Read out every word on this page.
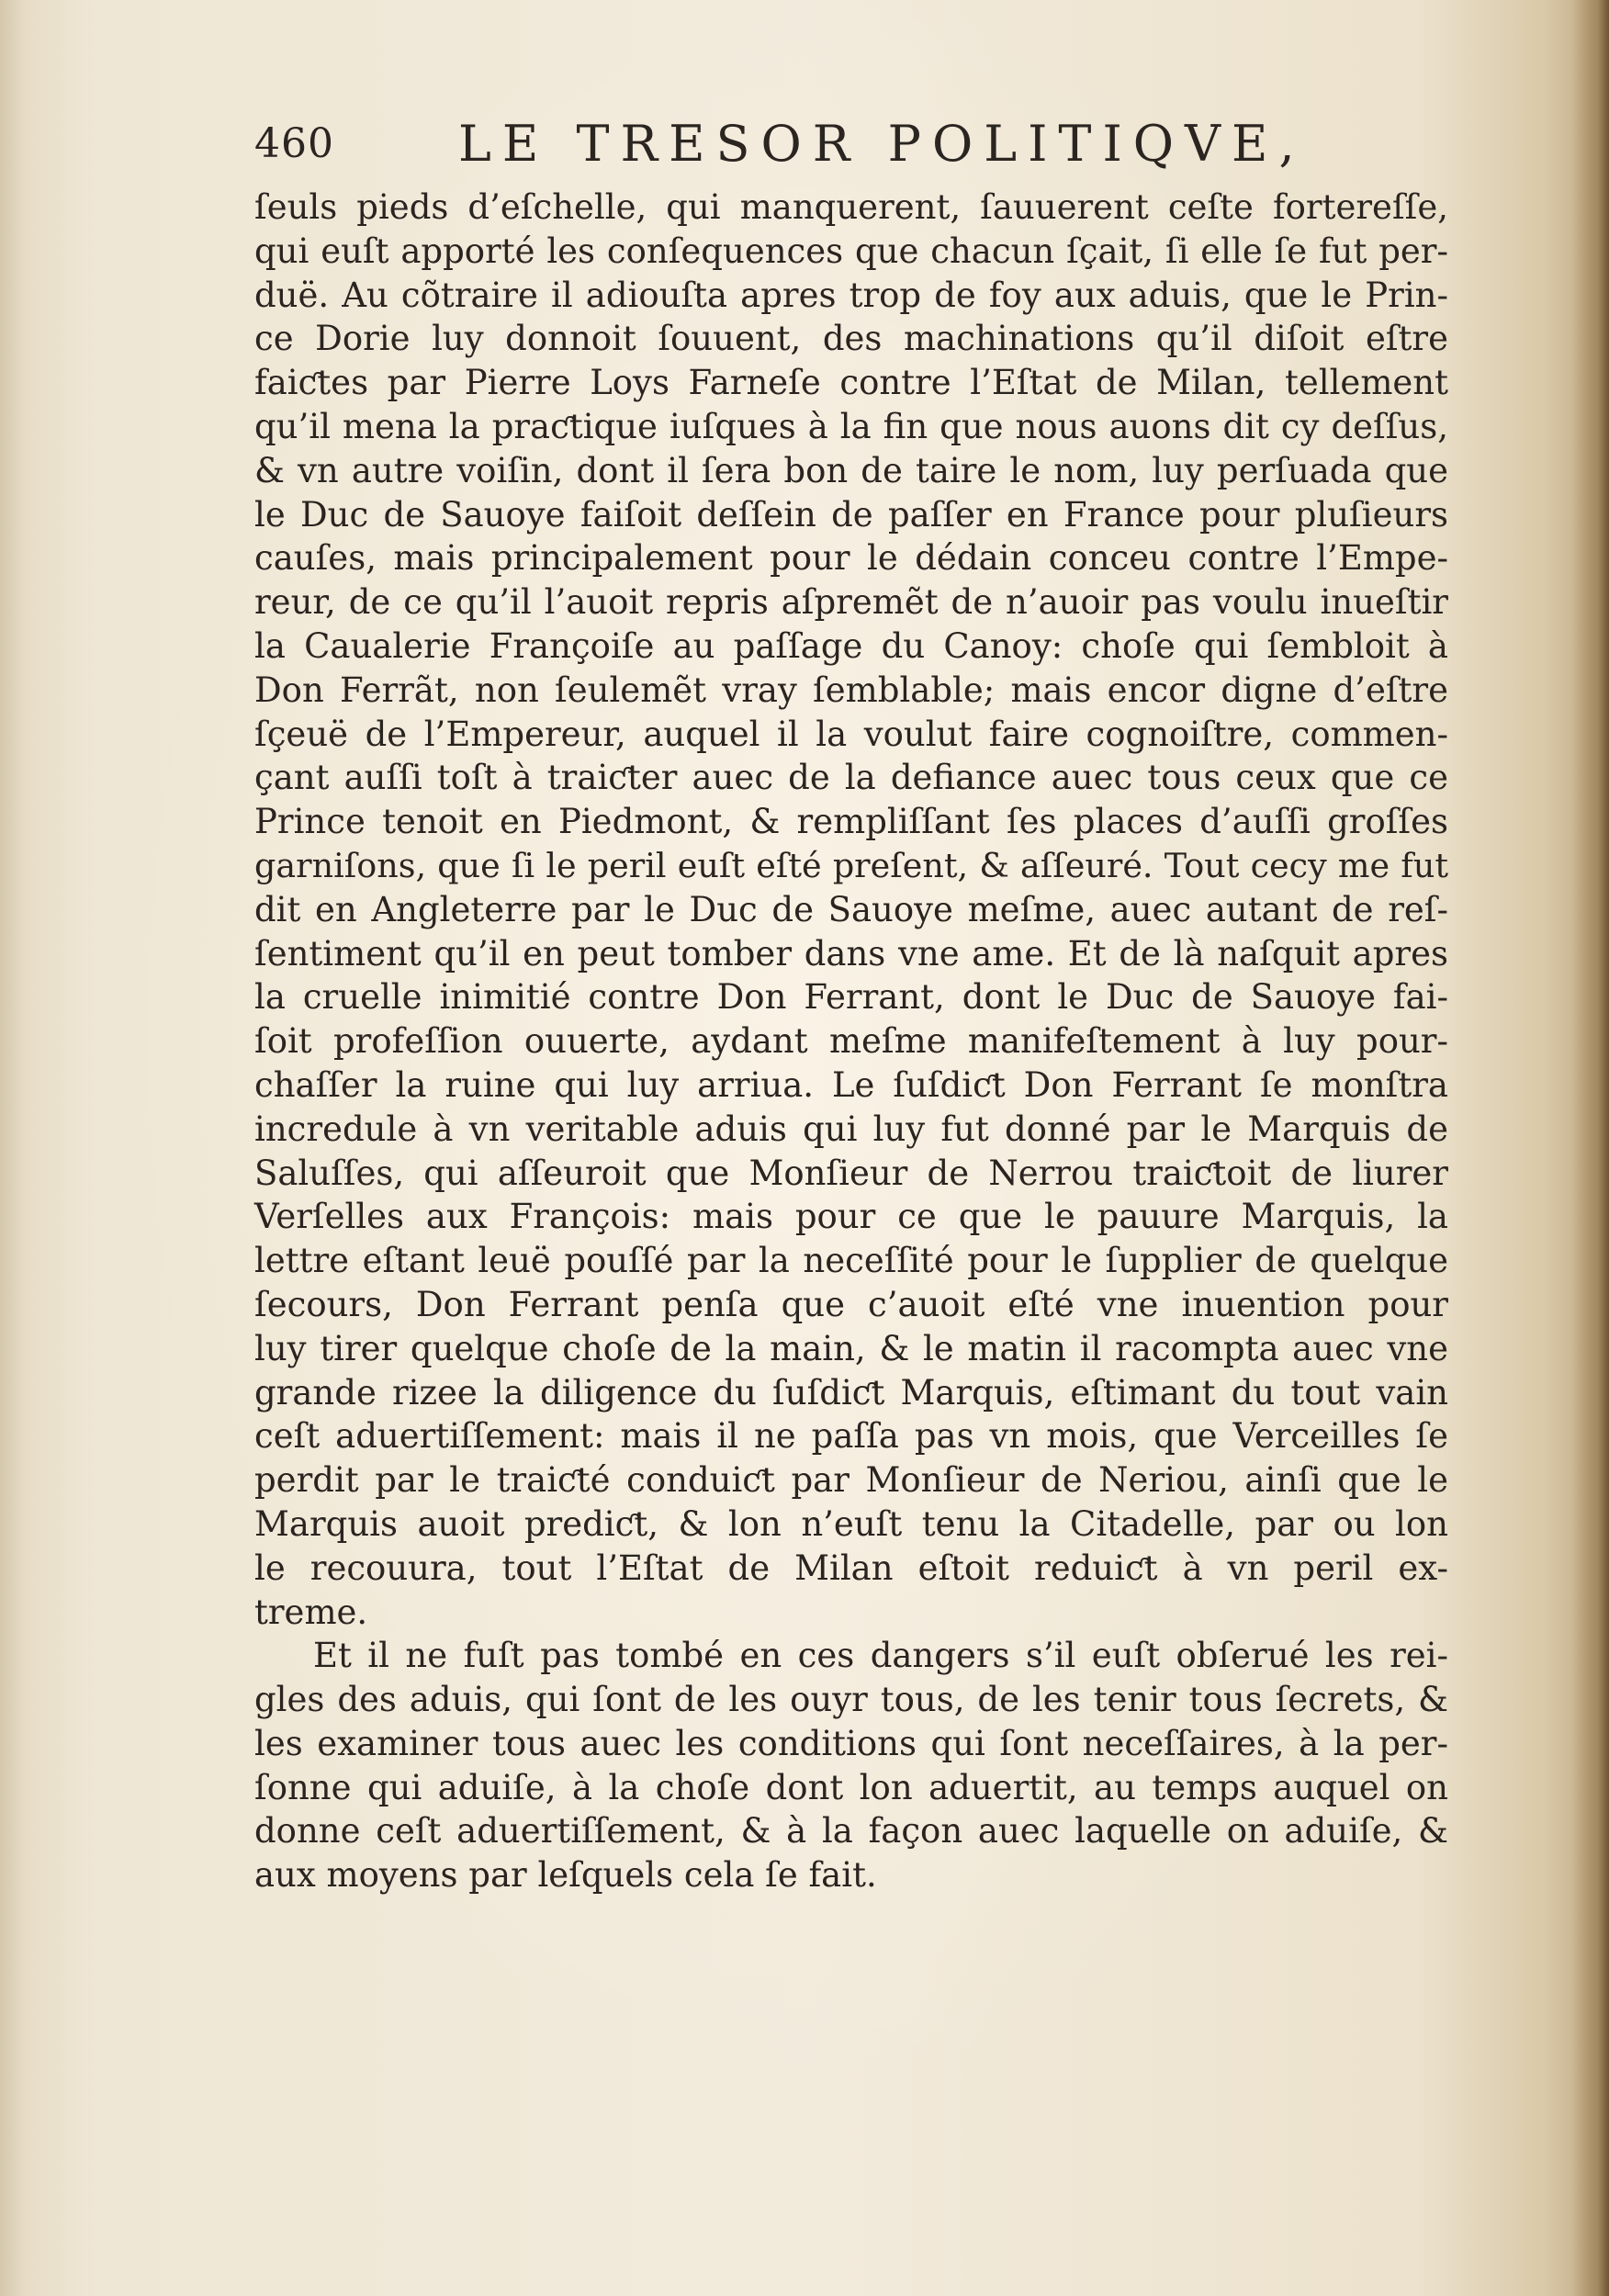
460	LE TRESOR POLITIQVE,
ſeuls pieds d’eſchelle, qui manquerent, ſauuerent ceſte fortereſſe,
qui euſt apporté les conſequences que chacun ſçait, ſi elle ſe fut per-
duë. Au cõtraire il adiouſta apres trop de foy aux aduis, que le Prin-
ce Dorie luy donnoit ſouuent, des machinations qu’il diſoit eſtre
faiƈtes par Pierre Loys Farneſe contre l’Eſtat de Milan, tellement
qu’il mena la praƈtique iuſques à la fin que nous auons dit cy deſſus,
& vn autre voiſin, dont il ſera bon de taire le nom, luy perſuada que
le Duc de Sauoye faiſoit deſſein de paſſer en France pour pluſieurs
cauſes, mais principalement pour le dédain conceu contre l’Empe-
reur, de ce qu’il l’auoit repris aſpremẽt de n’auoir pas voulu inueſtir
la Caualerie Françoiſe au paſſage du Canoy: choſe qui ſembloit à
Don Ferrãt, non ſeulemẽt vray ſemblable; mais encor digne d’eſtre
ſçeuë de l’Empereur, auquel il la voulut faire cognoiſtre, commen-
çant auſſi toſt à traiƈter auec de la defiance auec tous ceux que ce
Prince tenoit en Piedmont, & rempliſſant ſes places d’auſſi groſſes
garniſons, que ſi le peril euſt eſté preſent, & aſſeuré. Tout cecy me fut
dit en Angleterre par le Duc de Sauoye meſme, auec autant de reſ-
ſentiment qu’il en peut tomber dans vne ame. Et de là naſquit apres
la cruelle inimitié contre Don Ferrant, dont le Duc de Sauoye fai-
ſoit profeſſion ouuerte, aydant meſme manifeſtement à luy pour-
chaſſer la ruine qui luy arriua. Le ſuſdiƈt Don Ferrant ſe monſtra
incredule à vn veritable aduis qui luy fut donné par le Marquis de
Saluſſes, qui aſſeuroit que Monſieur de Nerrou traiƈtoit de liurer
Verſelles aux François: mais pour ce que le pauure Marquis, la
lettre eſtant leuë pouſſé par la neceſſité pour le ſupplier de quelque
ſecours, Don Ferrant penſa que c’auoit eſté vne inuention pour
luy tirer quelque choſe de la main, & le matin il racompta auec vne
grande rizee la diligence du ſuſdiƈt Marquis, eſtimant du tout vain
ceſt aduertiſſement: mais il ne paſſa pas vn mois, que Verceilles ſe
perdit par le traiƈté conduiƈt par Monſieur de Neriou, ainſi que le
Marquis auoit prediƈt, & lon n’euſt tenu la Citadelle, par ou lon
le recouura, tout l’Eſtat de Milan eſtoit reduiƈt à vn peril ex-
treme.
Et il ne fuſt pas tombé en ces dangers s’il euſt obſerué les rei-
gles des aduis, qui ſont de les ouyr tous, de les tenir tous ſecrets, &
les examiner tous auec les conditions qui ſont neceſſaires, à la per-
ſonne qui aduiſe, à la choſe dont lon aduertit, au temps auquel on
donne ceſt aduertiſſement, & à la façon auec laquelle on aduiſe, &
aux moyens par leſquels cela ſe fait.
